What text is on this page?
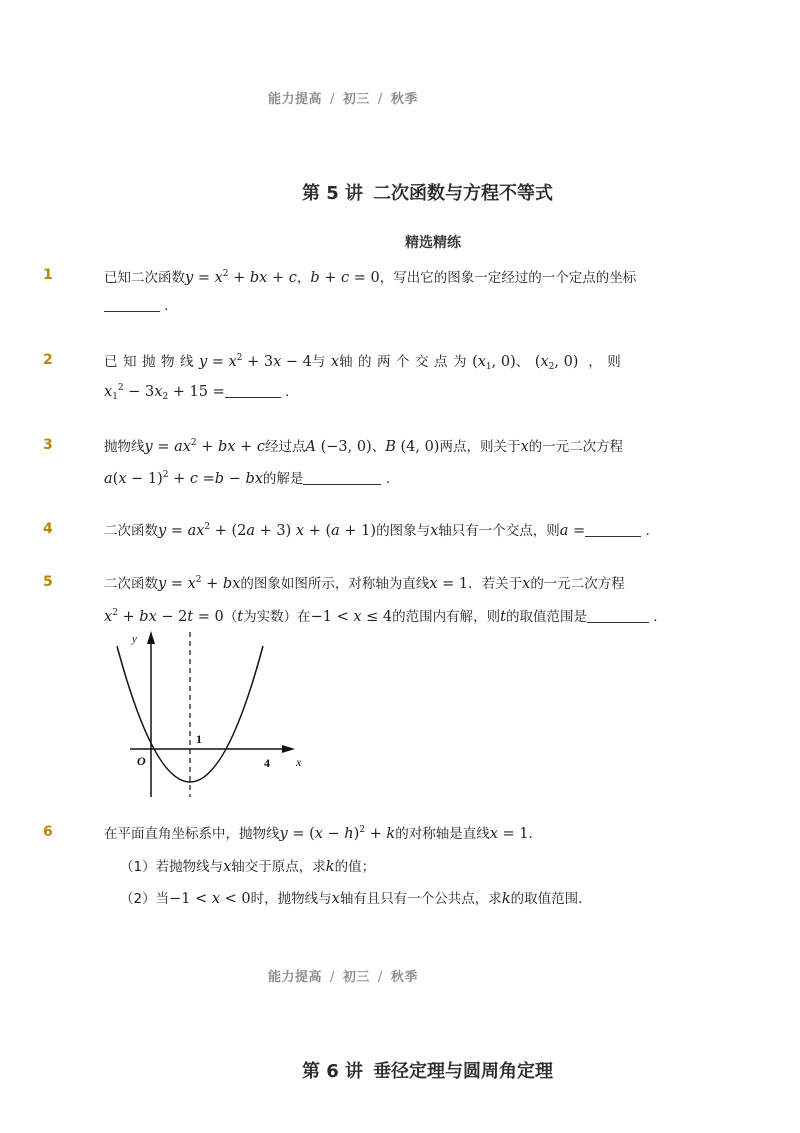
能力提高 / 初三 / 秋季
第 5 讲 二次函数与方程不等式
精选精练
1	已知二次函数$y = x^2$ + bx + c，b + c = 0，写出它的图象一定经过的一个定点的坐标
.
2	已知抛物线$y = x^2 + 3x - 4$与x轴的两个交点为($x_1$, 0)、($x_2$, 0) ，则
$x_1^2 - 3x_2 + 15$ =	.
3	抛物线$y = ax^2$ + bx + c经过点A (−3, 0)、B (4, 0)两点，则关于x的一元二次方程
$a(x - 1)^2 + c =b$ − bx的解是	.
4	二次函数$y = ax^2 + (2a + 3) x + (a + 1)$的图象与x轴只有一个交点，则a =	.
5	二次函数$y = x^2$ + bx的图象如图所示，对称轴为直线x = 1．若关于x的一元二次方程
$x^2$ + bx − 2t = 0（t为实数）在−1 < x ≤ 4的范围内有解，则t的取值范围是	.
y
x
O
1
4
6	在平面直角坐标系中，抛物线$y = (x - h)^2 + k$的对称轴是直线x = 1．
（1）若抛物线与x轴交于原点，求k的值；
（2）当−1 < x < 0时，抛物线与x轴有且只有一个公共点，求k的取值范围．
能力提高 / 初三 / 秋季
第 6 讲 垂径定理与圆周角定理
